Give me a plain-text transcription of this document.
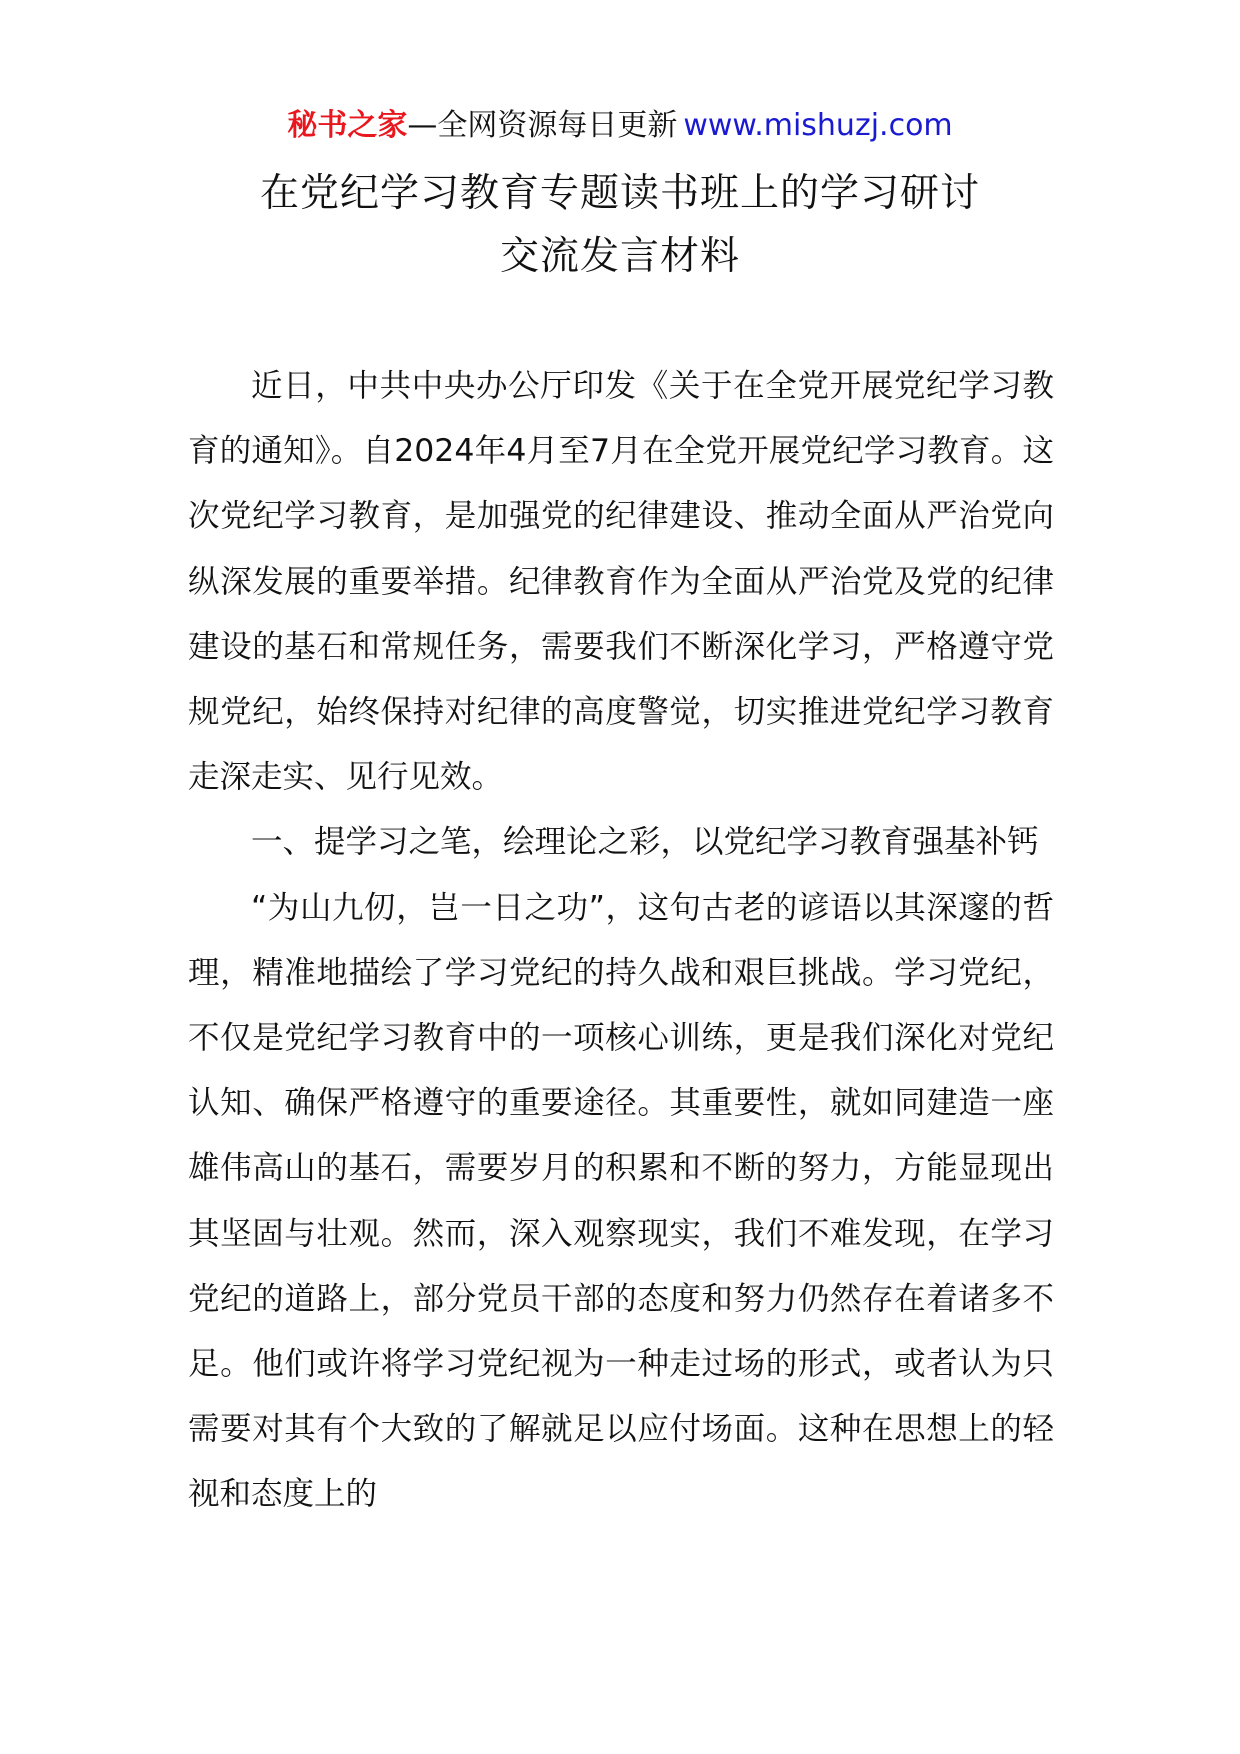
秘书之家—全网资源每日更新 www.mishuzj.com
在党纪学习教育专题读书班上的学习研讨
交流发言材料

近日，中共中央办公厅印发《关于在全党开展党纪学习教育的通知》。自2024年4月至7月在全党开展党纪学习教育。这次党纪学习教育，是加强党的纪律建设、推动全面从严治党向纵深发展的重要举措。纪律教育作为全面从严治党及党的纪律建设的基石和常规任务，需要我们不断深化学习，严格遵守党规党纪，始终保持对纪律的高度警觉，切实推进党纪学习教育走深走实、见行见效。

一、提学习之笔，绘理论之彩，以党纪学习教育强基补钙

“为山九仞，岂一日之功”，这句古老的谚语以其深邃的哲理，精准地描绘了学习党纪的持久战和艰巨挑战。学习党纪，不仅是党纪学习教育中的一项核心训练，更是我们深化对党纪认知、确保严格遵守的重要途径。其重要性，就如同建造一座雄伟高山的基石，需要岁月的积累和不断的努力，方能显现出其坚固与壮观。然而，深入观察现实，我们不难发现，在学习党纪的道路上，部分党员干部的态度和努力仍然存在着诸多不足。他们或许将学习党纪视为一种走过场的形式，或者认为只需要对其有个大致的了解就足以应付场面。这种在思想上的轻视和态度上的
